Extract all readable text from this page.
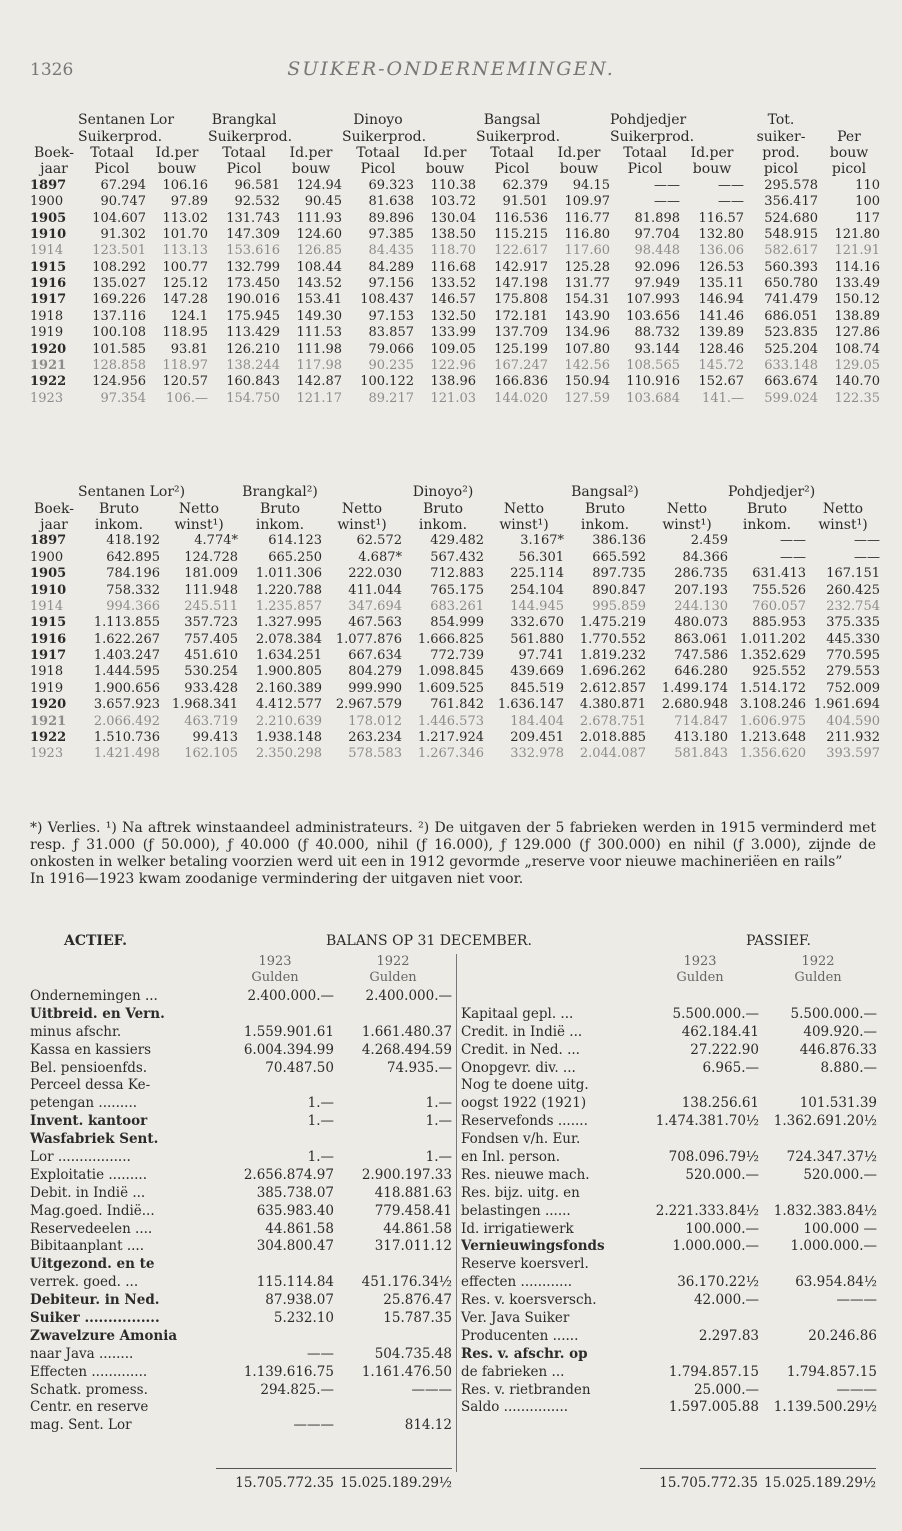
1326	SUIKER-ONDERNEMINGEN.
	Sentanen Lor		Brangkal		Dinoyo		Bangsal		Pohdjedjer		Tot.	
	Suikerprod.		Suikerprod.		Suikerprod.		Suikerprod.		Suikerprod.		suiker-	Per
Boek-	Totaal	Id.per	Totaal	Id.per	Totaal	Id.per	Totaal	Id.per	Totaal	Id.per	prod.	bouw
jaar	Picol	bouw	Picol	bouw	Picol	bouw	Picol	bouw	Picol	bouw	picol	picol
1897	67.294	106.16	96.581	124.94	69.323	110.38	62.379	94.15	——	——	295.578	110
1900	90.747	97.89	92.532	90.45	81.638	103.72	91.501	109.97	——	——	356.417	100
1905	104.607	113.02	131.743	111.93	89.896	130.04	116.536	116.77	81.898	116.57	524.680	117
1910	91.302	101.70	147.309	124.60	97.385	138.50	115.215	116.80	97.704	132.80	548.915	121.80
1914	123.501	113.13	153.616	126.85	84.435	118.70	122.617	117.60	98.448	136.06	582.617	121.91
1915	108.292	100.77	132.799	108.44	84.289	116.68	142.917	125.28	92.096	126.53	560.393	114.16
1916	135.027	125.12	173.450	143.52	97.156	133.52	147.198	131.77	97.949	135.11	650.780	133.49
1917	169.226	147.28	190.016	153.41	108.437	146.57	175.808	154.31	107.993	146.94	741.479	150.12
1918	137.116	124.1	175.945	149.30	97.153	132.50	172.181	143.90	103.656	141.46	686.051	138.89
1919	100.108	118.95	113.429	111.53	83.857	133.99	137.709	134.96	88.732	139.89	523.835	127.86
1920	101.585	93.81	126.210	111.98	79.066	109.05	125.199	107.80	93.144	128.46	525.204	108.74
1921	128.858	118.97	138.244	117.98	90.235	122.96	167.247	142.56	108.565	145.72	633.148	129.05
1922	124.956	120.57	160.843	142.87	100.122	138.96	166.836	150.94	110.916	152.67	663.674	140.70
1923	97.354	106.—	154.750	121.17	89.217	121.03	144.020	127.59	103.684	141.—	599.024	122.35
	Sentanen Lor²)		Brangkal²)		Dinoyo²)		Bangsal²)		Pohdjedjer²)	
Boek-	Bruto	Netto	Bruto	Netto	Bruto	Netto	Bruto	Netto	Bruto	Netto
jaar	inkom.	winst¹)	inkom.	winst¹)	inkom.	winst¹)	inkom.	winst¹)	inkom.	winst¹)
1897	418.192	4.774*	614.123	62.572	429.482	3.167*	386.136	2.459	——	——
1900	642.895	124.728	665.250	4.687*	567.432	56.301	665.592	84.366	——	——
1905	784.196	181.009	1.011.306	222.030	712.883	225.114	897.735	286.735	631.413	167.151
1910	758.332	111.948	1.220.788	411.044	765.175	254.104	890.847	207.193	755.526	260.425
1914	994.366	245.511	1.235.857	347.694	683.261	144.945	995.859	244.130	760.057	232.754
1915	1.113.855	357.723	1.327.995	467.563	854.999	332.670	1.475.219	480.073	885.953	375.335
1916	1.622.267	757.405	2.078.384	1.077.876	1.666.825	561.880	1.770.552	863.061	1.011.202	445.330
1917	1.403.247	451.610	1.634.251	667.634	772.739	97.741	1.819.232	747.586	1.352.629	770.595
1918	1.444.595	530.254	1.900.805	804.279	1.098.845	439.669	1.696.262	646.280	925.552	279.553
1919	1.900.656	933.428	2.160.389	999.990	1.609.525	845.519	2.612.857	1.499.174	1.514.172	752.009
1920	3.657.923	1.968.341	4.412.577	2.967.579	761.842	1.636.147	4.380.871	2.680.948	3.108.246	1.961.694
1921	2.066.492	463.719	2.210.639	178.012	1.446.573	184.404	2.678.751	714.847	1.606.975	404.590
1922	1.510.736	99.413	1.938.148	263.234	1.217.924	209.451	2.018.885	413.180	1.213.648	211.932
1923	1.421.498	162.105	2.350.298	578.583	1.267.346	332.978	2.044.087	581.843	1.356.620	393.597

*) Verlies. ¹) Na aftrek winstaandeel administrateurs. ²) De uitgaven der 5 fabrieken werden in 1915 verminderd met resp. ƒ 31.000 (ƒ 50.000), ƒ 40.000 (ƒ 40.000, nihil (ƒ 16.000), ƒ 129.000 (ƒ 300.000) en nihil (ƒ 3.000), zijnde de onkosten in welker betaling voorzien werd uit een in 1912 gevormde „reserve voor nieuwe machineriëen en rails”

In 1916—1923 kwam zoodanige vermindering der uitgaven niet voor.

ACTIEF.	BALANS OP 31 DECEMBER.	PASSIEF.
1923
Gulden
1922
Gulden
Ondernemingen ...	2.400.000.—	2.400.000.—
Uitbreid. en Vern.
minus afschr.	1.559.901.61	1.661.480.37
Kassa en kassiers	6.004.394.99	4.268.494.59
Bel. pensioenfds.	70.487.50	74.935.—
Perceel dessa Ke-
petengan .........	1.—	1.—
Invent. kantoor	1.—	1.—
Wasfabriek Sent.
Lor .................	1.—	1.—
Exploitatie .........	2.656.874.97	2.900.197.33
Debit. in Indië ...	385.738.07	418.881.63
Mag.goed. Indië...	635.983.40	779.458.41
Reservedeelen ....	44.861.58	44.861.58
Bibitaanplant ....	304.800.47	317.011.12
Uitgezond. en te
verrek. goed. ...	115.114.84	451.176.34½
Debiteur. in Ned.	87.938.07	25.876.47
Suiker ................	5.232.10	15.787.35
Zwavelzure Amonia
naar Java ........	——	504.735.48
Effecten .............	1.139.616.75	1.161.476.50
Schatk. promess.	294.825.—	———
Centr. en reserve
mag. Sent. Lor	———	814.12
1923
Gulden
1922
Gulden
Kapitaal gepl. ...	5.500.000.—	5.500.000.—
Credit. in Indië ...	462.184.41	409.920.—
Credit. in Ned. ...	27.222.90	446.876.33
Onopgevr. div. ...	6.965.—	8.880.—
Nog te doene uitg.
oogst 1922 (1921)	138.256.61	101.531.39
Reservefonds .......	1.474.381.70½	1.362.691.20½
Fondsen v/h. Eur.
en Inl. person.	708.096.79½	724.347.37½
Res. nieuwe mach.	520.000.—	520.000.—
Res. bijz. uitg. en
belastingen ......	2.221.333.84½	1.832.383.84½
Id. irrigatiewerk	100.000.—	100.000 —
Vernieuwingsfonds	1.000.000.—	1.000.000.—
Reserve koersverl.
effecten ............	36.170.22½	63.954.84½
Res. v. koersversch.	42.000.—	———
Ver. Java Suiker
Producenten ......	2.297.83	20.246.86
Res. v. afschr. op
de fabrieken ...	1.794.857.15	1.794.857.15
Res. v. rietbranden	25.000.—	———
Saldo ...............	1.597.005.88	1.139.500.29½
15.705.772.35 15.025.189.29½	15.705.772.35 15.025.189.29½
